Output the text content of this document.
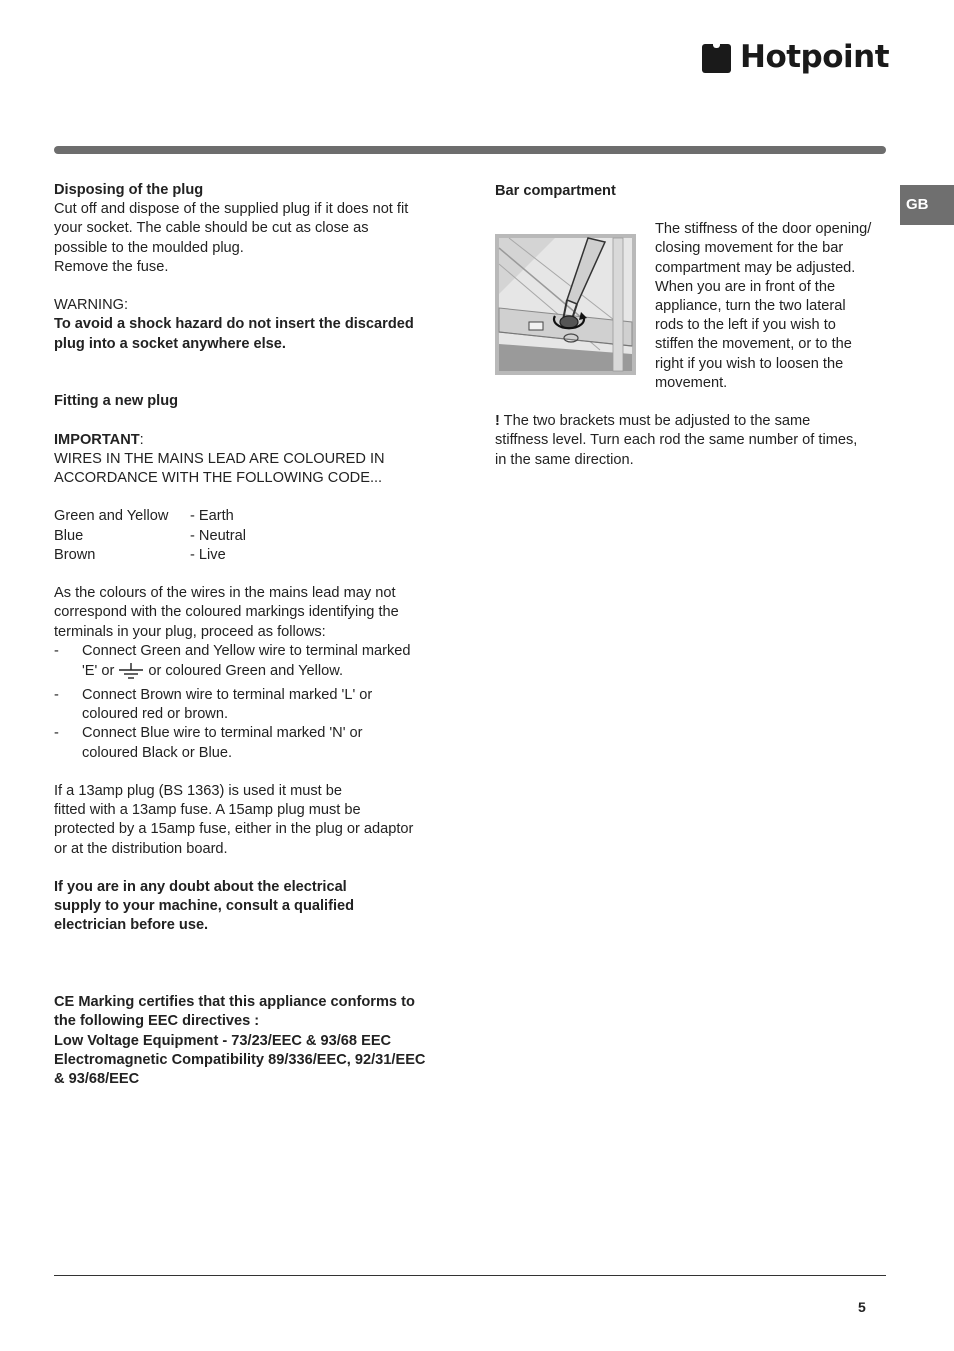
Hotpoint
GB

Disposing of the plug

Cut off and dispose of the supplied plug if it does not fit

your socket. The cable should be cut as close as

possible to the moulded plug.

Remove the fuse.

WARNING:

To avoid a shock hazard do not insert the discarded

plug into a socket anywhere else.

Fitting a new plug

IMPORTANT:

WIRES IN THE MAINS LEAD ARE COLOURED IN

ACCORDANCE WITH THE FOLLOWING CODE...

Green and Yellow	- Earth
Blue	- Neutral
Brown	- Live

As the colours of the wires in the mains lead may not

correspond with the coloured markings identifying the

terminals in your plug, proceed as follows:

-	Connect Green and Yellow wire to terminal marked

'E' or or coloured Green and Yellow.

-	Connect Brown wire to terminal marked 'L' or

coloured red or brown.

-	Connect Blue wire to terminal marked 'N' or

coloured Black or Blue.

If a 13amp plug (BS 1363) is used it must be

fitted with a 13amp fuse. A 15amp plug must be

protected by a 15amp fuse, either in the plug or adaptor

or at the distribution board.

If you are in any doubt about the electrical

supply to your machine, consult a qualified

electrician before use.

CE Marking certifies that this appliance conforms to

the following EEC directives :

Low Voltage Equipment - 73/23/EEC & 93/68 EEC

Electromagnetic Compatibility 89/336/EEC, 92/31/EEC

& 93/68/EEC

Bar compartment

The stiffness of the door opening/

closing movement for the bar

compartment may be adjusted.

When you are in front of the

appliance, turn the two lateral

rods to the left if you wish to

stiffen the movement, or to the

right if you wish to loosen the

movement.

! The two brackets must be adjusted to the same

stiffness level. Turn each rod the same number of times,

in the same direction.

5
